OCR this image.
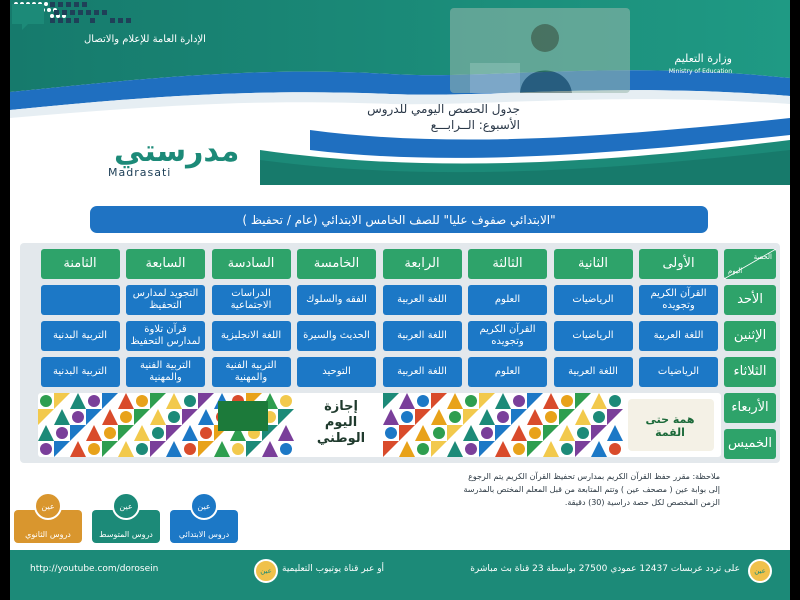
وزارة التعليم
Ministry of Education
الإدارة العامة للإعلام والاتصال
جدول الحصص اليومي للدروس
الأسبوع: الــرابـــع
مدرستي
Madrasati
"الابتدائي صفوف عليا" للصف الخامس الابتدائي (عام / تحفيظ )
الحصة
اليوم
الأولى
الثانية
الثالثة
الرابعة
الخامسة
السادسة
السابعة
الثامنة
الأحد
الإثنين
الثلاثاء
الأربعاء
الخميس
القرآن الكريم وتجويده
الرياضيات
العلوم
اللغة العربية
الفقه والسلوك
الدراسات الاجتماعية
التجويد لمدارس التحفيظ
اللغة العربية
الرياضيات
القرآن الكريم وتجويده
اللغة العربية
الحديث والسيرة
اللغة الانجليزية
قرآن تلاوة لمدارس التحفيظ
التربية البدنية
الرياضيات
اللغة العربية
العلوم
اللغة العربية
التوحيد
التربية الفنية والمهنية
التربية الفنية والمهنية
التربية البدنية
إجازة اليوم الوطني
همة حتى القمة
ملاحظة: مقرر حفظ القرآن الكريم بمدارس تحفيظ القرآن الكريم يتم الرجوع
إلى بوابة عين ( مصحف عين ) وتتم المتابعة من قبل المعلم المختص بالمدرسة
الزمن المخصص لكل حصة دراسية (30) دقيقة.
دروس الابتدائي
عين
دروس المتوسط
عين
دروس الثانوي
عين
عين
على تردد عربسات 12437 عمودي 27500 بواسطة 23 قناة بث مباشرة
عين	أو عبر قناة يوتيوب التعليمية
http://youtube.com/dorosein
